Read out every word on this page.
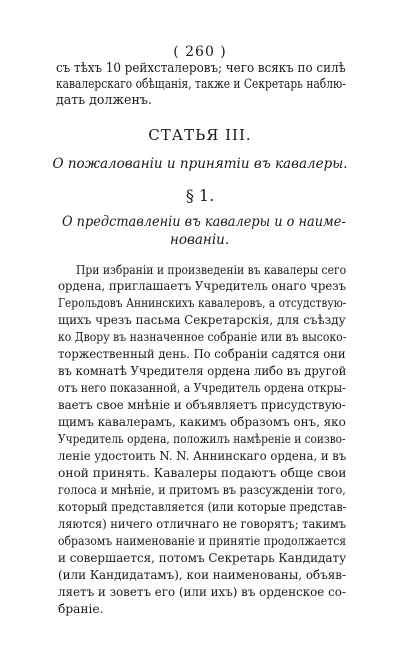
( 260 )
съ тѣхъ 10 рейхсталеровъ; чего всякъ по силѣ
кавалерскаго обѣщанія, также и Секретарь наблю-
дать долженъ.
СТАТЬЯ III.
О пожалованіи и принятіи въ кавалеры.
§ 1.
О представленіи въ кавалеры и о наиме-
нованіи.
При избраніи и произведеніи въ кавалеры сего
ордена, приглашаетъ Учредитель онаго чрезъ
Герольдовъ Аннинскихъ кавалеровъ, а отсудствую-
щихъ чрезъ пасьма Секретарскія, для съѣзду
ко Двору въ назначенное собраніе или въ высоко-
торжественный день. По собраніи садятся они
въ комнатѣ Учредителя ордена либо въ другой
отъ него показанной, а Учредитель ордена откры-
ваетъ свое мнѣніе и объявляетъ присудствую-
щимъ кавалерамъ, какимъ образомъ онъ, яко
Учредитель ордена, положилъ намѣреніе и соизво-
леніе удостоить N. N. Аннинскаго ордена, и въ
оной принять. Кавалеры подаютъ обще свои
голоса и мнѣніе, и притомъ въ разсужденіи того,
который представляется (или которые представ-
ляются) ничего отличнаго не говорятъ; такимъ
образомъ наименованіе и принятіе продолжается
и совершается, потомъ Секретарь Кандидату
(или Кандидатамъ), кои наименованы, объяв-
ляетъ и зоветъ его (или ихъ) въ орденское со-
браніе.
